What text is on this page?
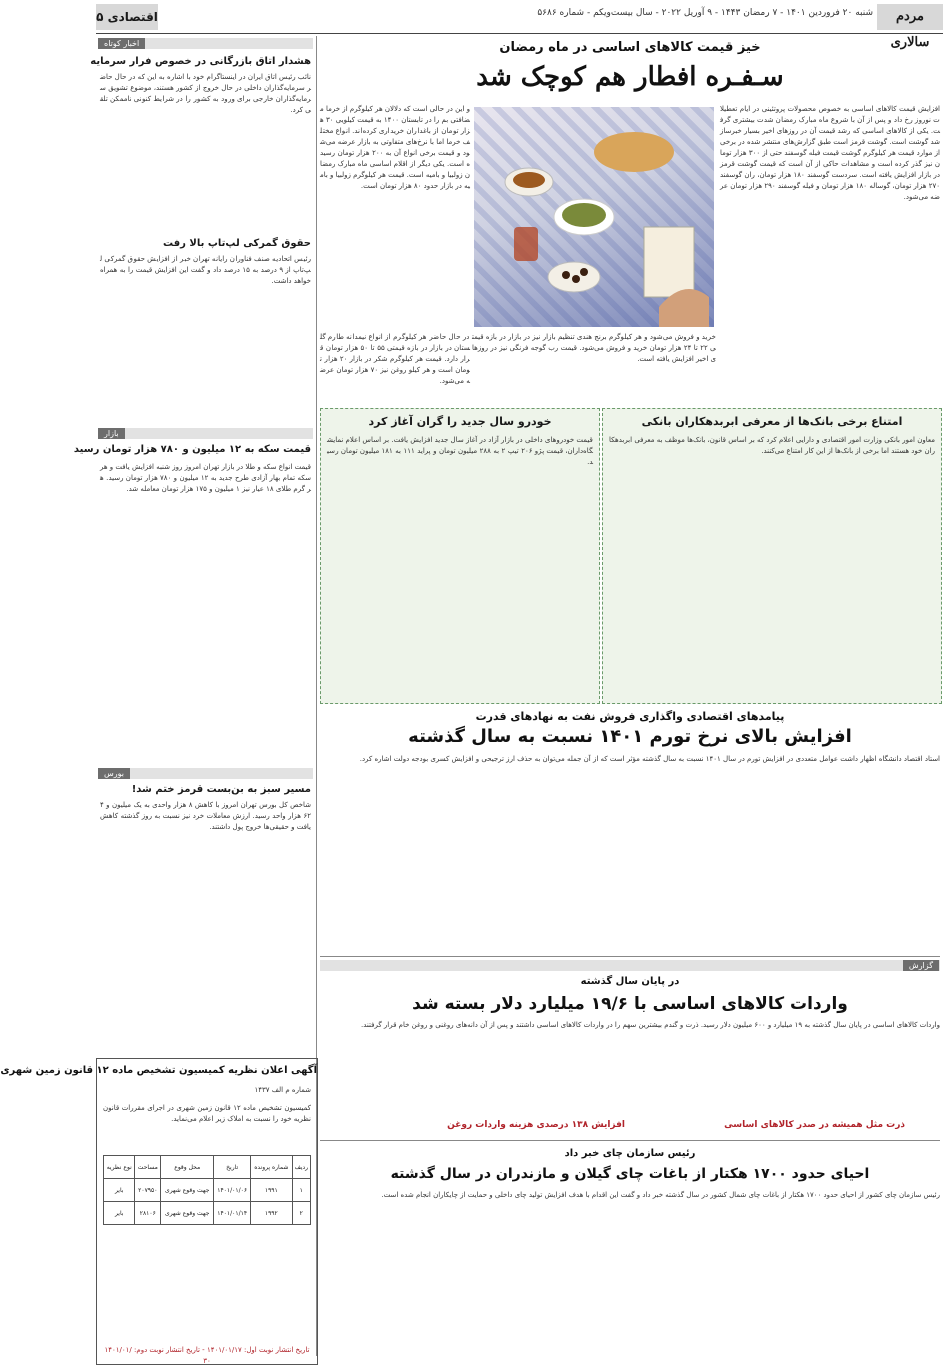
مردم سالاری
شنبه ۲۰ فروردین ۱۴۰۱ - ۷ رمضان ۱۴۴۳ - ۹ آوریل ۲۰۲۲ - سال بیست‌و‌یکم - شماره ۵۶۸۶
اقتصادی ۵
اخبار کوتاه
هشدار اتاق بازرگانی در خصوص فرار سرمایه
نائب رئیس اتاق ایران در اینستاگرام خود با اشاره به این که در حال حاضر سرمایه‌گذاران داخلی در حال خروج از کشور هستند، موضوع تشویق سرمایه‌گذاران خارجی برای ورود به کشور را در شرایط کنونی ناممکن تلقی کرد.
حقوق گمرکی لپ‌تاپ بالا رفت
رئیس اتحادیه صنف فناوران رایانه تهران خبر از افزایش حقوق گمرکی لپ‌تاپ از ۹ درصد به ۱۵ درصد داد و گفت این افزایش قیمت را به همراه خواهد داشت.
بازار
قیمت سکه به ۱۲ میلیون و ۷۸۰ هزار تومان رسید
قیمت انواع سکه و طلا در بازار تهران امروز روز شنبه افزایش یافت و هر سکه تمام بهار آزادی طرح جدید به ۱۲ میلیون و ۷۸۰ هزار تومان رسید. هر گرم طلای ۱۸ عیار نیز ۱ میلیون و ۱۷۵ هزار تومان معامله شد.
بورس
مسیر سبز به بن‌بست قرمز ختم شد!
شاخص کل بورس تهران امروز با کاهش ۸ هزار واحدی به یک میلیون و ۴۶۲ هزار واحد رسید. ارزش معاملات خرد نیز نسبت به روز گذشته کاهش یافت و حقیقی‌ها خروج پول داشتند.
خیز قیمت کالاهای اساسی در ماه رمضان
سـفـره افطار هم کوچک شد
افزایش قیمت کالاهای اساسی به خصوص محصولات پروتئینی در ایام تعطیلات نوروز رخ داد و پس از آن با شروع ماه مبارک رمضان شدت بیشتری گرفت. یکی از کالاهای اساسی که رشد قیمت آن در روزهای اخیر بسیار خبرساز شد گوشت است. گوشت قرمز است طبق گزارش‌های منتشر شده در برخی از موارد قیمت هر کیلوگرم گوشت قیمت فیله گوسفند حتی از ۳۰۰ هزار تومان نیز گذر کرده است و مشاهدات حاکی از آن است که قیمت گوشت قرمز در بازار افزایش یافته است. سردست گوسفند ۱۸۰ هزار تومان، ران گوسفند ۲۷۰ هزار تومان، گوساله ۱۸۰ هزار تومان و فیله گوسفند ۲۹۰ هزار تومان عرضه می‌شود.
و این در حالی است که دلالان هر کیلوگرم از خرما مضافتی بم را در تابستان ۱۴۰۰ به قیمت کیلویی ۳۰ هزار تومان از باغداران خریداری کرده‌اند. انواع مختلف خرما اما با نرخ‌های متفاوتی به بازار عرضه می‌شود و قیمت برخی انواع آن به ۲۰۰ هزار تومان رسیده است. یکی دیگر از اقلام اساسی ماه مبارک رمضان زولبیا و بامیه است. قیمت هر کیلوگرم زولبیا و بامیه در بازار حدود ۸۰ هزار تومان است.
خرید و فروش می‌شود و هر کیلوگرم برنج هندی تنظیم بازار نیز در بازار در بازه قیمتی ۲۲ تا ۲۴ هزار تومان خرید و فروش می‌شود. قیمت رب گوجه فرنگی نیز در روزهای اخیر افزایش یافته است.
در حال حاضر هر کیلوگرم از انواع نیمدانه طارم گلستان در بازار در بازه قیمتی ۵۵ تا ۵۰ هزار تومان قرار دارد. قیمت هر کیلوگرم شکر در بازار ۲۰ هزار تومان است و هر کیلو روغن نیز ۷۰ هزار تومان عرضه می‌شود.
امتناع برخی بانک‌ها از معرفی ابربدهکاران بانکی
معاون امور بانکی وزارت امور اقتصادی و دارایی اعلام کرد که بر اساس قانون، بانک‌ها موظف به معرفی ابربدهکاران خود هستند اما برخی از بانک‌ها از این کار امتناع می‌کنند.
خودرو سال جدید را گران آغاز کرد
قیمت خودروهای داخلی در بازار آزاد در آغاز سال جدید افزایش یافت. بر اساس اعلام نمایشگاه‌داران، قیمت پژو ۲۰۶ تیپ ۲ به ۲۸۸ میلیون تومان و پراید ۱۱۱ به ۱۸۱ میلیون تومان رسید.
پیامدهای اقتصادی واگذاری فروش نفت به نهادهای قدرت
افزایش بالای نرخ تورم ۱۴۰۱ نسبت به سال گذشته
استاد اقتصاد دانشگاه اظهار داشت عوامل متعددی در افزایش تورم در سال ۱۴۰۱ نسبت به سال گذشته مؤثر است که از آن جمله می‌توان به حذف ارز ترجیحی و افزایش کسری بودجه دولت اشاره کرد.
گزارش
در پایان سال گذشته
واردات کالاهای اساسی با ۱۹/۶ میلیارد دلار بسته شد
واردات کالاهای اساسی در پایان سال گذشته به ۱۹ میلیارد و ۶۰۰ میلیون دلار رسید. ذرت و گندم بیشترین سهم را در واردات کالاهای اساسی داشتند و پس از آن دانه‌های روغنی و روغن خام قرار گرفتند.
افزایش ۱۳۸ درصدی هزینه واردات روغن	ذرت مثل همیشه در صدر کالاهای اساسی
رئیس سازمان چای خبر داد
احیای حدود ۱۷۰۰ هکتار از باغات چای گیلان و مازندران در سال گذشته
رئیس سازمان چای کشور از احیای حدود ۱۷۰۰ هکتار از باغات چای شمال کشور در سال گذشته خبر داد و گفت این اقدام با هدف افزایش تولید چای داخلی و حمایت از چایکاران انجام شده است.
آگهی اعلان نظریه کمیسیون تشخیص ماده ۱۲ قانون زمین شهری
شماره م الف ۱۴۳۷
کمیسیون تشخیص ماده ۱۲ قانون زمین شهری در اجرای مقررات قانون نظریه خود را نسبت به املاک زیر اعلام می‌نماید.
ردیف	شماره پرونده	تاریخ	محل وقوع	مساحت	نوع نظریه
۱	۱۹۹۱	۱۴۰۱/۰۱/۰۶	جهت وقوع شهری	۲۰۷۹۵۰	بایر
۲	۱۹۹۲	۱۴۰۱/۰۱/۱۴	جهت وقوع شهری	۲۸۱۰۶	بایر
تاریخ انتشار نوبت اول: ۱۴۰۱/۰۱/۱۷ - تاریخ انتشار نوبت دوم: ۱۴۰۱/۰۱/۳۰
